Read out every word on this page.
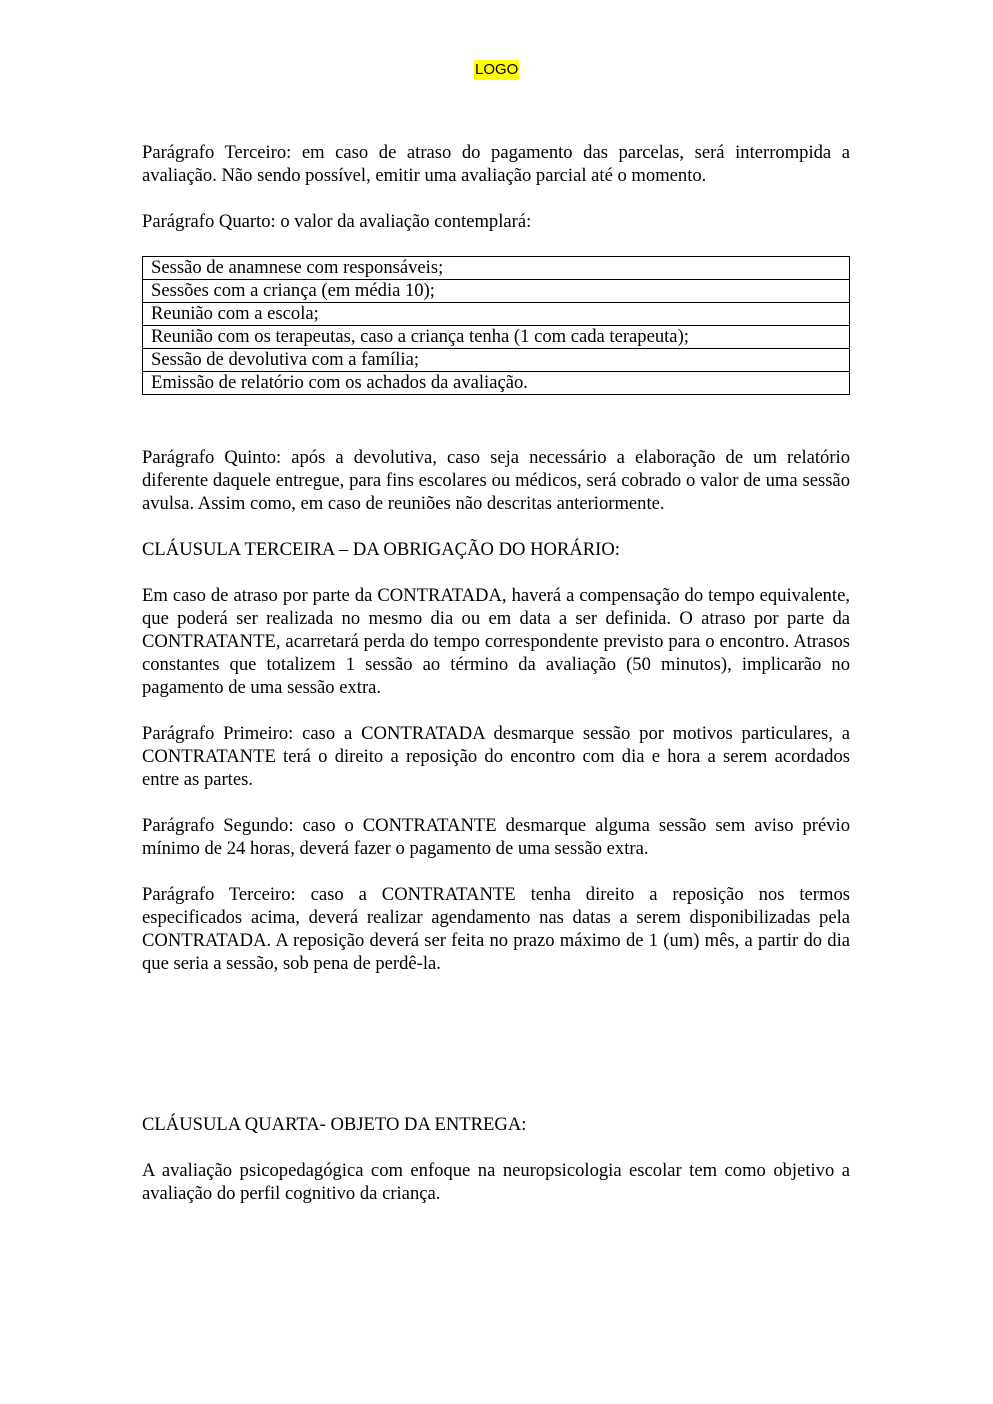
LOGO

Parágrafo Terceiro: em caso de atraso do pagamento das parcelas, será interrompida a avaliação. Não sendo possível, emitir uma avaliação parcial até o momento.

Parágrafo Quarto: o valor da avaliação contemplará:

Sessão de anamnese com responsáveis;
Sessões com a criança (em média 10);
Reunião com a escola;
Reunião com os terapeutas, caso a criança tenha (1 com cada terapeuta);
Sessão de devolutiva com a família;
Emissão de relatório com os achados da avaliação.

Parágrafo Quinto: após a devolutiva, caso seja necessário a elaboração de um relatório diferente daquele entregue, para fins escolares ou médicos, será cobrado o valor de uma sessão avulsa. Assim como, em caso de reuniões não descritas anteriormente.

CLÁUSULA TERCEIRA – DA OBRIGAÇÃO DO HORÁRIO:

Em caso de atraso por parte da CONTRATADA, haverá a compensação do tempo equivalente, que poderá ser realizada no mesmo dia ou em data a ser definida. O atraso por parte da CONTRATANTE, acarretará perda do tempo correspondente previsto para o encontro. Atrasos constantes que totalizem 1 sessão ao término da avaliação (50 minutos), implicarão no pagamento de uma sessão extra.

Parágrafo Primeiro: caso a CONTRATADA desmarque sessão por motivos particulares, a CONTRATANTE terá o direito a reposição do encontro com dia e hora a serem acordados entre as partes.

Parágrafo Segundo: caso o CONTRATANTE desmarque alguma sessão sem aviso prévio mínimo de 24 horas, deverá fazer o pagamento de uma sessão extra.

Parágrafo Terceiro: caso a CONTRATANTE tenha direito a reposição nos termos especificados acima, deverá realizar agendamento nas datas a serem disponibilizadas pela CONTRATADA. A reposição deverá ser feita no prazo máximo de 1 (um) mês, a partir do dia que seria a sessão, sob pena de perdê-la.

CLÁUSULA QUARTA- OBJETO DA ENTREGA:

A avaliação psicopedagógica com enfoque na neuropsicologia escolar tem como objetivo a avaliação do perfil cognitivo da criança.
